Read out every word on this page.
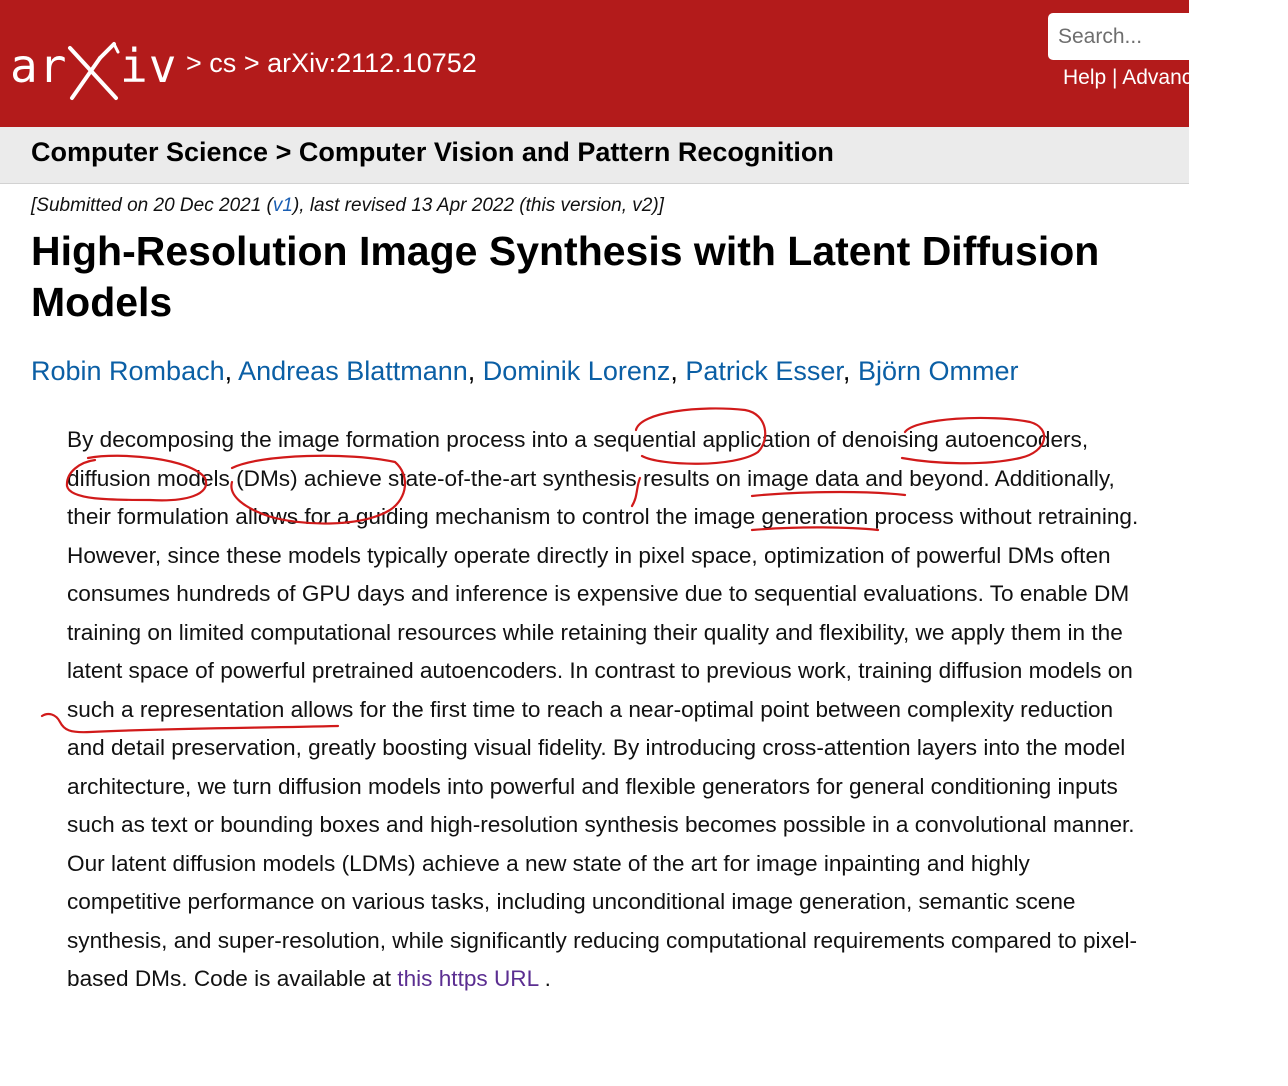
ar iv > cs > arXiv:2112.10752
Search...	Help | Advanced Search
Computer Science > Computer Vision and Pattern Recognition
[Submitted on 20 Dec 2021 (v1), last revised 13 Apr 2022 (this version, v2)]
High-Resolution Image Synthesis with Latent Diffusion Models
Robin Rombach, Andreas Blattmann, Dominik Lorenz, Patrick Esser, Björn Ommer
By decomposing the image formation process into a sequential application of denoising autoencoders, diffusion models (DMs) achieve state-of-the-art synthesis results on image data and beyond. Additionally, their formulation allows for a guiding mechanism to control the image generation process without retraining. However, since these models typically operate directly in pixel space, optimization of powerful DMs often consumes hundreds of GPU days and inference is expensive due to sequential evaluations. To enable DM training on limited computational resources while retaining their quality and flexibility, we apply them in the latent space of powerful pretrained autoencoders. In contrast to previous work, training diffusion models on such a representation allows for the first time to reach a near-optimal point between complexity reduction and detail preservation, greatly boosting visual fidelity. By introducing cross-attention layers into the model architecture, we turn diffusion models into powerful and flexible generators for general conditioning inputs such as text or bounding boxes and high-resolution synthesis becomes possible in a convolutional manner. Our latent diffusion models (LDMs) achieve a new state of the art for image inpainting and highly competitive performance on various tasks, including unconditional image generation, semantic scene synthesis, and super-resolution, while significantly reducing computational requirements compared to pixel-based DMs. Code is available at this https URL .
